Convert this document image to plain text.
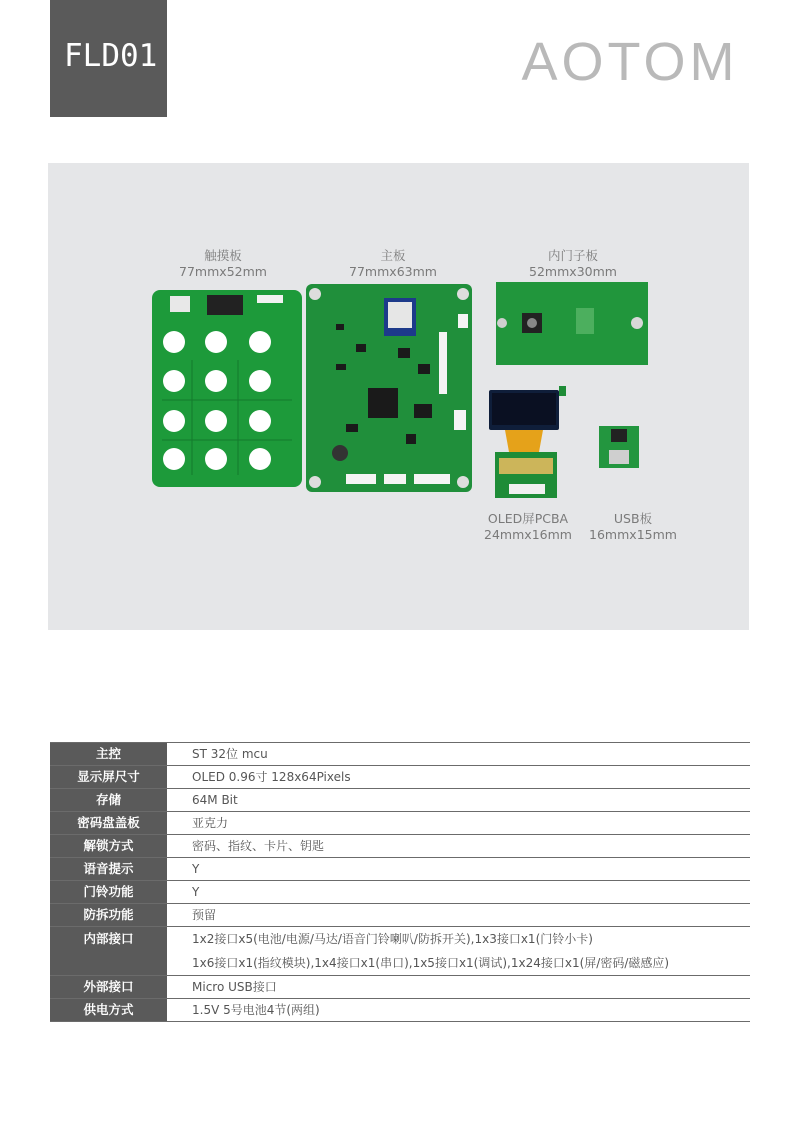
FLD01	AOTOM
触摸板
77mmx52mm
主板
77mmx63mm
内门子板
52mmx30mm
OLED屏PCBA
24mmx16mm
USB板
16mmx15mm
主控	ST 32位 mcu
显示屏尺寸	OLED 0.96寸 128x64Pixels
存储	64M Bit
密码盘盖板	亚克力
解锁方式	密码、指纹、卡片、钥匙
语音提示	Y
门铃功能	Y
防拆功能	预留
内部接口	1x2接口x5(电池/电源/马达/语音门铃喇叭/防拆开关),1x3接口x1(门铃小卡)
1x6接口x1(指纹模块),1x4接口x1(串口),1x5接口x1(调试),1x24接口x1(屏/密码/磁感应)
外部接口	Micro USB接口
供电方式	1.5V 5号电池4节(两组)
